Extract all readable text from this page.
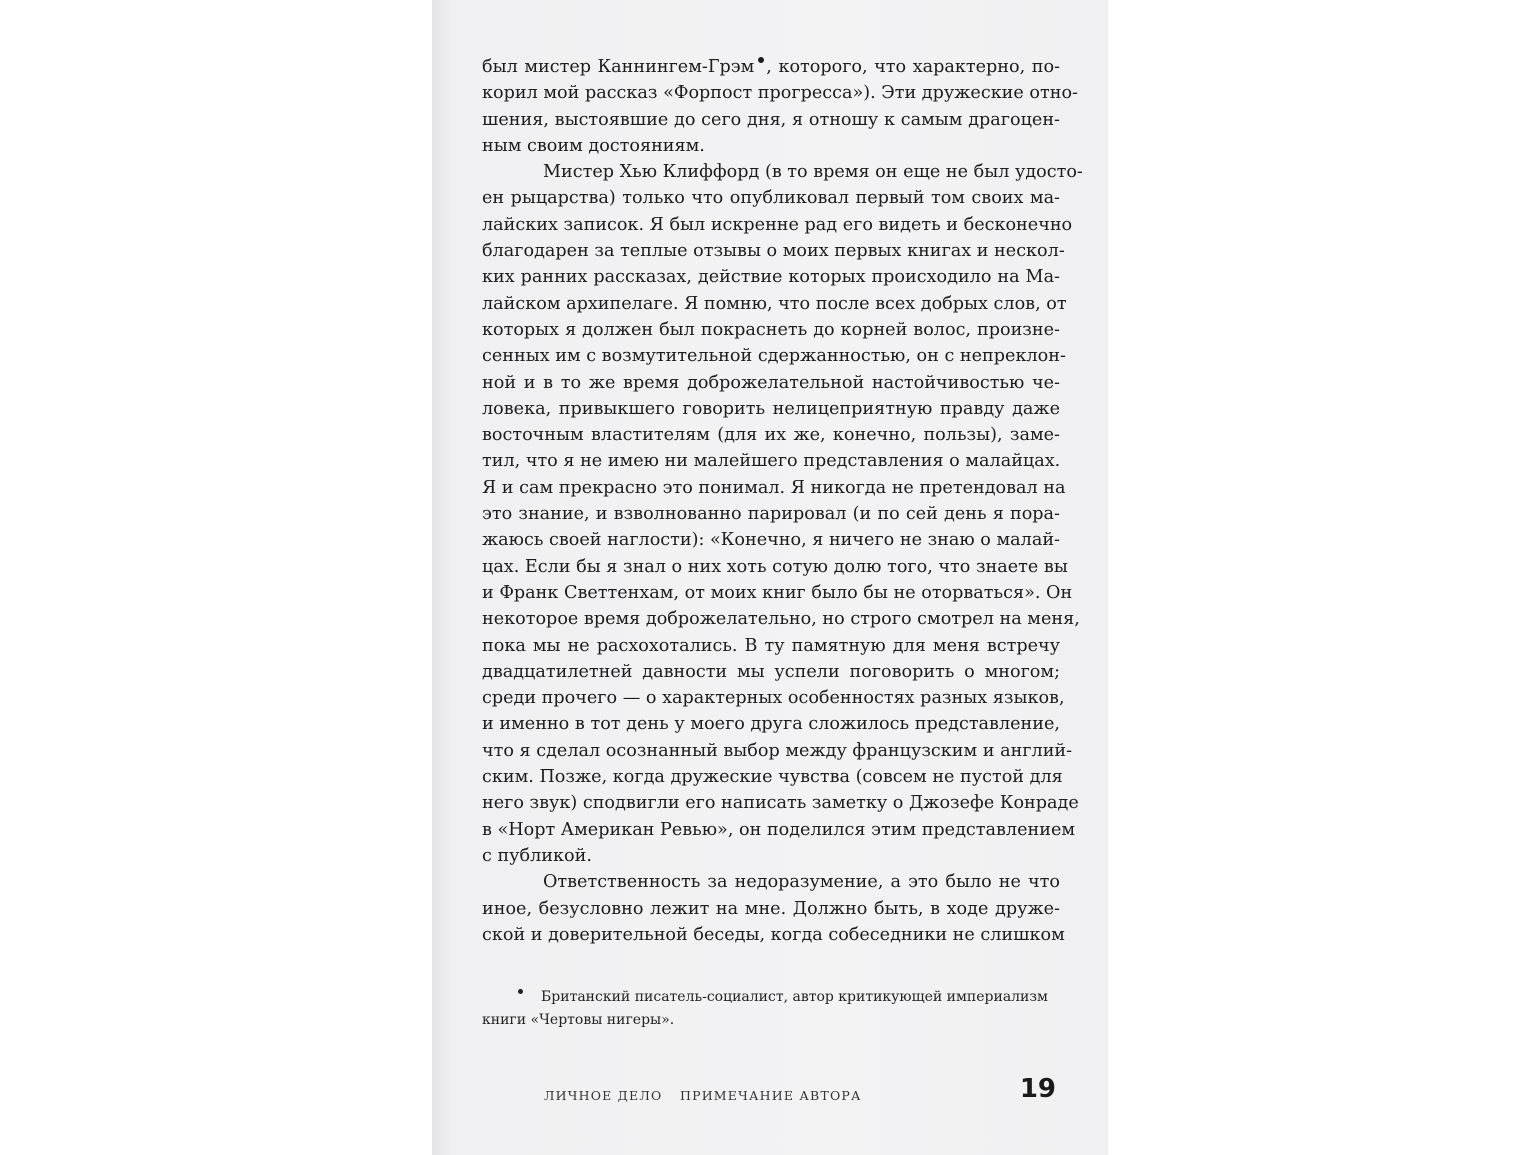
был мистер Каннингем-Грэм , которого, что характерно, по-
корил мой рассказ «Форпост прогресса»). Эти дружеские отно-
шения, выстоявшие до сего дня, я отношу к самым драгоцен-
ным своим достояниям.
Мистер Хью Клиффорд (в то время он еще не был удосто-
ен рыцарства) только что опубликовал первый том своих ма-
лайских записок. Я был искренне рад его видеть и бесконечно
благодарен за теплые отзывы о моих первых книгах и нескол-
ких ранних рассказах, действие которых происходило на Ма-
лайском архипелаге. Я помню, что после всех добрых слов, от
которых я должен был покраснеть до корней волос, произне-
сенных им с возмутительной сдержанностью, он с непреклон-
ной и в то же время доброжелательной настойчивостью че-
ловека, привыкшего говорить нелицеприятную правду даже
восточным властителям (для их же, конечно, пользы), заме-
тил, что я не имею ни малейшего представления о малайцах.
Я и сам прекрасно это понимал. Я никогда не претендовал на
это знание, и взволнованно парировал (и по сей день я пора-
жаюсь своей наглости): «Конечно, я ничего не знаю о малай-
цах. Если бы я знал о них хоть сотую долю того, что знаете вы
и Франк Светтенхам, от моих книг было бы не оторваться». Он
некоторое время доброжелательно, но строго смотрел на меня,
пока мы не расхохотались. В ту памятную для меня встречу
двадцатилетней давности мы успели поговорить о многом;
среди прочего — о характерных особенностях разных языков,
и именно в тот день у моего друга сложилось представление,
что я сделал осознанный выбор между французским и англий-
ским. Позже, когда дружеские чувства (совсем не пустой для
него звук) сподвигли его написать заметку о Джозефе Конраде
в «Норт Американ Ревью», он поделился этим представлением
с публикой.
Ответственность за недоразумение, а это было не что
иное, безусловно лежит на мне. Должно быть, в ходе друже-
ской и доверительной беседы, когда собеседники не слишком
Британский писатель-социалист, автор критикующей империализм
книги «Чертовы нигеры».
ЛИЧНОЕ ДЕЛО ПРИМЕЧАНИЕ АВТОРА	19
